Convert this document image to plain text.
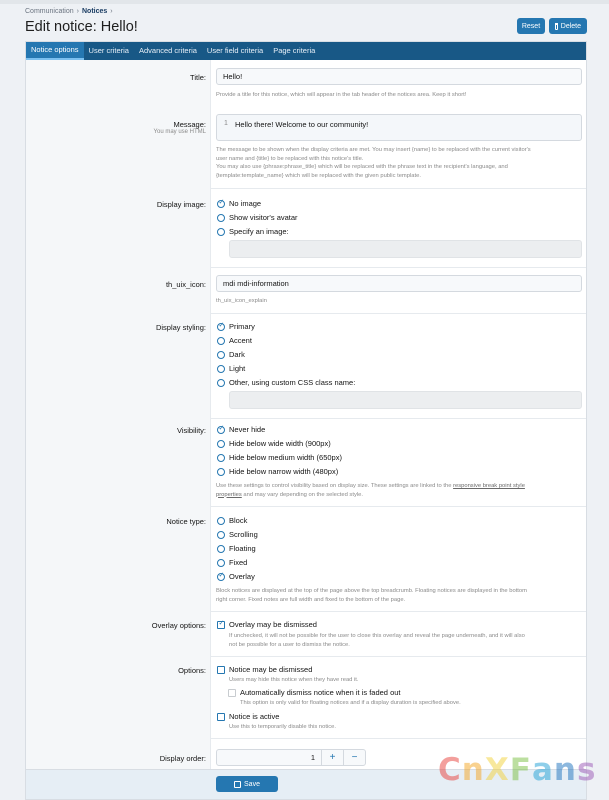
Communication › Notices ›
Edit notice: Hello!	Reset	Delete
Notice options	User criteria	Advanced criteria	User field criteria	Page criteria
Title:	Hello!
Provide a title for this notice, which will appear in the tab header of the notices area. Keep it short!
Message:
You may use HTML
1 Hello there! Welcome to our community!
The message to be shown when the display criteria are met. You may insert {name} to be replaced with the current visitor's
user name and {title} to be replaced with this notice's title.
You may also use {phrase:phrase_title} which will be replaced with the phrase text in the recipient's language, and
{template:template_name} which will be replaced with the given public template.
Display image: ✓	No image
Show visitor's avatar
Specify an image:
th_uix_icon:	mdi mdi-information
th_uix_icon_explain
Display styling: ✓	Primary
Accent
Dark
Light
Other, using custom CSS class name:
Visibility: ✓	Never hide
Hide below wide width (900px)
Hide below medium width (650px)
Hide below narrow width (480px)
Use these settings to control visibility based on display size. These settings are linked to the responsive break point style
properties and may vary depending on the selected style.
Notice type:	Block
Scrolling
Floating
Fixed
✓
Overlay
Block notices are displayed at the top of the page above the top breadcrumb. Floating notices are displayed in the bottom
right corner. Fixed notes are full width and fixed to the bottom of the page.
Overlay options: ✓	Overlay may be dismissed
If unchecked, it will not be possible for the user to close this overlay and reveal the page underneath, and it will also
not be possible for a user to dismiss the notice.
Options:	Notice may be dismissed
Users may hide this notice when they have read it.
Automatically dismiss notice when it is faded out
This option is only valid for floating notices and if a display duration is specified above.
Notice is active
Use this to temporarily disable this notice.
Display order:	1	+	−
Save	C n X F a n s
